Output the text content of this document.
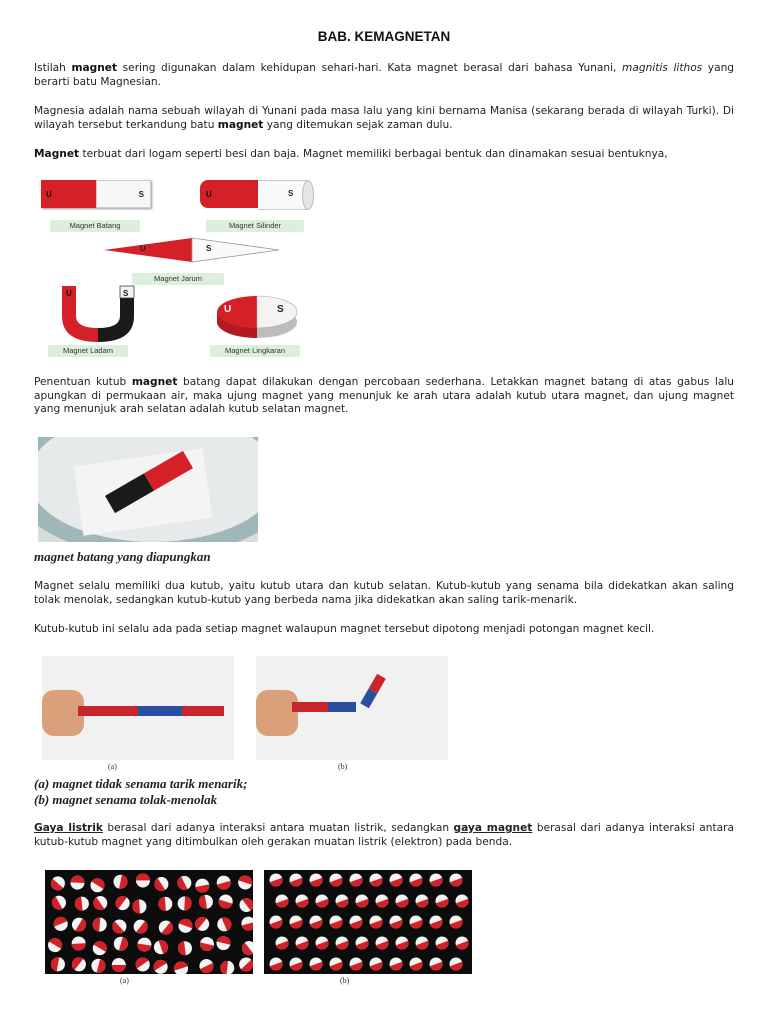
BAB. KEMAGNETAN
Istilah magnet sering digunakan dalam kehidupan sehari-hari. Kata magnet berasal dari bahasa Yunani, magnitis lithos yang berarti batu Magnesian.
Magnesia adalah nama sebuah wilayah di Yunani pada masa lalu yang kini bernama Manisa (sekarang berada di wilayah Turki). Di wilayah tersebut terkandung batu magnet yang ditemukan sejak zaman dulu.
Magnet terbuat dari logam seperti besi dan baja. Magnet memiliki berbagai bentuk dan dinamakan sesuai bentuknya,
U	S
Magnet Batang
U	S
Magnet Silinder
U	S
Magnet Jarum
U	S
Magnet Ladam
U	S
Magnet Lingkaran
Penentuan kutub magnet batang dapat dilakukan dengan percobaan sederhana. Letakkan magnet batang di atas gabus lalu apungkan di permukaan air, maka ujung magnet yang menunjuk ke arah utara adalah kutub utara magnet, dan ujung magnet yang menunjuk arah selatan adalah kutub selatan magnet.
magnet batang yang diapungkan
Magnet selalu memiliki dua kutub, yaitu kutub utara dan kutub selatan. Kutub-kutub yang senama bila didekatkan akan saling tolak menolak, sedangkan kutub-kutub yang berbeda nama jika didekatkan akan saling tarik-menarik.
Kutub-kutub ini selalu ada pada setiap magnet walaupun magnet tersebut dipotong menjadi potongan magnet kecil.
(a)	(b)
(a) magnet tidak senama tarik menarik;
(b) magnet senama tolak-menolak
Gaya listrik berasal dari adanya interaksi antara muatan listrik, sedangkan gaya magnet berasal dari adanya interaksi antara kutub-kutub magnet yang ditimbulkan oleh gerakan muatan listrik (elektron) pada benda.
(a)	(b)
